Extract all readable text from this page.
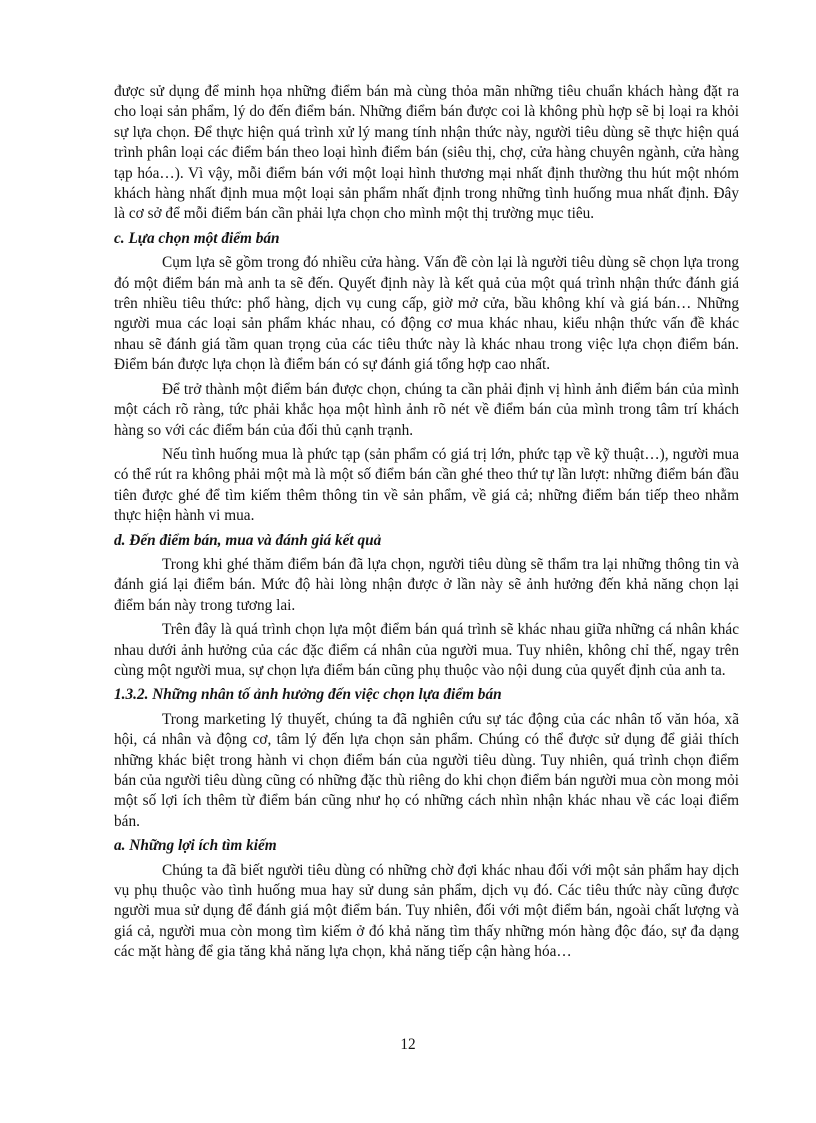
được sử dụng để minh họa những điểm bán mà cùng thỏa mãn những tiêu chuẩn khách hàng đặt ra cho loại sản phẩm, lý do đến điểm bán. Những điểm bán được coi là không phù hợp sẽ bị loại ra khỏi sự lựa chọn. Để thực hiện quá trình xử lý mang tính nhận thức này, người tiêu dùng sẽ thực hiện quá trình phân loại các điểm bán theo loại hình điểm bán (siêu thị, chợ, cửa hàng chuyên ngành, cửa hàng tạp hóa…). Vì vậy, mỗi điểm bán với một loại hình thương mại nhất định thường thu hút một nhóm khách hàng nhất định mua một loại sản phẩm nhất định trong những tình huống mua nhất định. Đây là cơ sở để mỗi điểm bán cần phải lựa chọn cho mình một thị trường mục tiêu.

c. Lựa chọn một điểm bán

Cụm lựa sẽ gồm trong đó nhiều cửa hàng. Vấn đề còn lại là người tiêu dùng sẽ chọn lựa trong đó một điểm bán mà anh ta sẽ đến. Quyết định này là kết quả của một quá trình nhận thức đánh giá trên nhiều tiêu thức: phổ hàng, dịch vụ cung cấp, giờ mở cửa, bầu không khí và giá bán… Những người mua các loại sản phẩm khác nhau, có động cơ mua khác nhau, kiểu nhận thức vấn đề khác nhau sẽ đánh giá tầm quan trọng của các tiêu thức này là khác nhau trong việc lựa chọn điểm bán. Điểm bán được lựa chọn là điểm bán có sự đánh giá tổng hợp cao nhất.

Để trở thành một điểm bán được chọn, chúng ta cần phải định vị hình ảnh điểm bán của mình một cách rõ ràng, tức phải khắc họa một hình ảnh rõ nét về điểm bán của mình trong tâm trí khách hàng so với các điểm bán của đối thủ cạnh trạnh.

Nếu tình huống mua là phức tạp (sản phẩm có giá trị lớn, phức tạp về kỹ thuật…), người mua có thể rút ra không phải một mà là một số điểm bán cần ghé theo thứ tự lần lượt: những điểm bán đầu tiên được ghé để tìm kiếm thêm thông tin về sản phẩm, về giá cả; những điểm bán tiếp theo nhằm thực hiện hành vi mua.

d. Đến điểm bán, mua và đánh giá kết quả

Trong khi ghé thăm điểm bán đã lựa chọn, người tiêu dùng sẽ thẩm tra lại những thông tin và đánh giá lại điểm bán. Mức độ hài lòng nhận được ở lần này sẽ ảnh hưởng đến khả năng chọn lại điểm bán này trong tương lai.

Trên đây là quá trình chọn lựa một điểm bán quá trình sẽ khác nhau giữa những cá nhân khác nhau dưới ảnh hưởng của các đặc điểm cá nhân của người mua. Tuy nhiên, không chỉ thế, ngay trên cùng một người mua, sự chọn lựa điểm bán cũng phụ thuộc vào nội dung của quyết định của anh ta.

1.3.2. Những nhân tố ảnh hưởng đến việc chọn lựa điểm bán

Trong marketing lý thuyết, chúng ta đã nghiên cứu sự tác động của các nhân tố văn hóa, xã hội, cá nhân và động cơ, tâm lý đến lựa chọn sản phẩm. Chúng có thể được sử dụng để giải thích những khác biệt trong hành vi chọn điểm bán của người tiêu dùng. Tuy nhiên, quá trình chọn điểm bán của người tiêu dùng cũng có những đặc thù riêng do khi chọn điểm bán người mua còn mong mỏi một số lợi ích thêm từ điểm bán cũng như họ có những cách nhìn nhận khác nhau về các loại điểm bán.

a. Những lợi ích tìm kiếm

Chúng ta đã biết người tiêu dùng có những chờ đợi khác nhau đối với một sản phẩm hay dịch vụ phụ thuộc vào tình huống mua hay sử dung sản phẩm, dịch vụ đó. Các tiêu thức này cũng được người mua sử dụng để đánh giá một điểm bán. Tuy nhiên, đối với một điểm bán, ngoài chất lượng và giá cả, người mua còn mong tìm kiếm ở đó khả năng tìm thấy những món hàng độc đáo, sự đa dạng các mặt hàng để gia tăng khả năng lựa chọn, khả năng tiếp cận hàng hóa…

12
